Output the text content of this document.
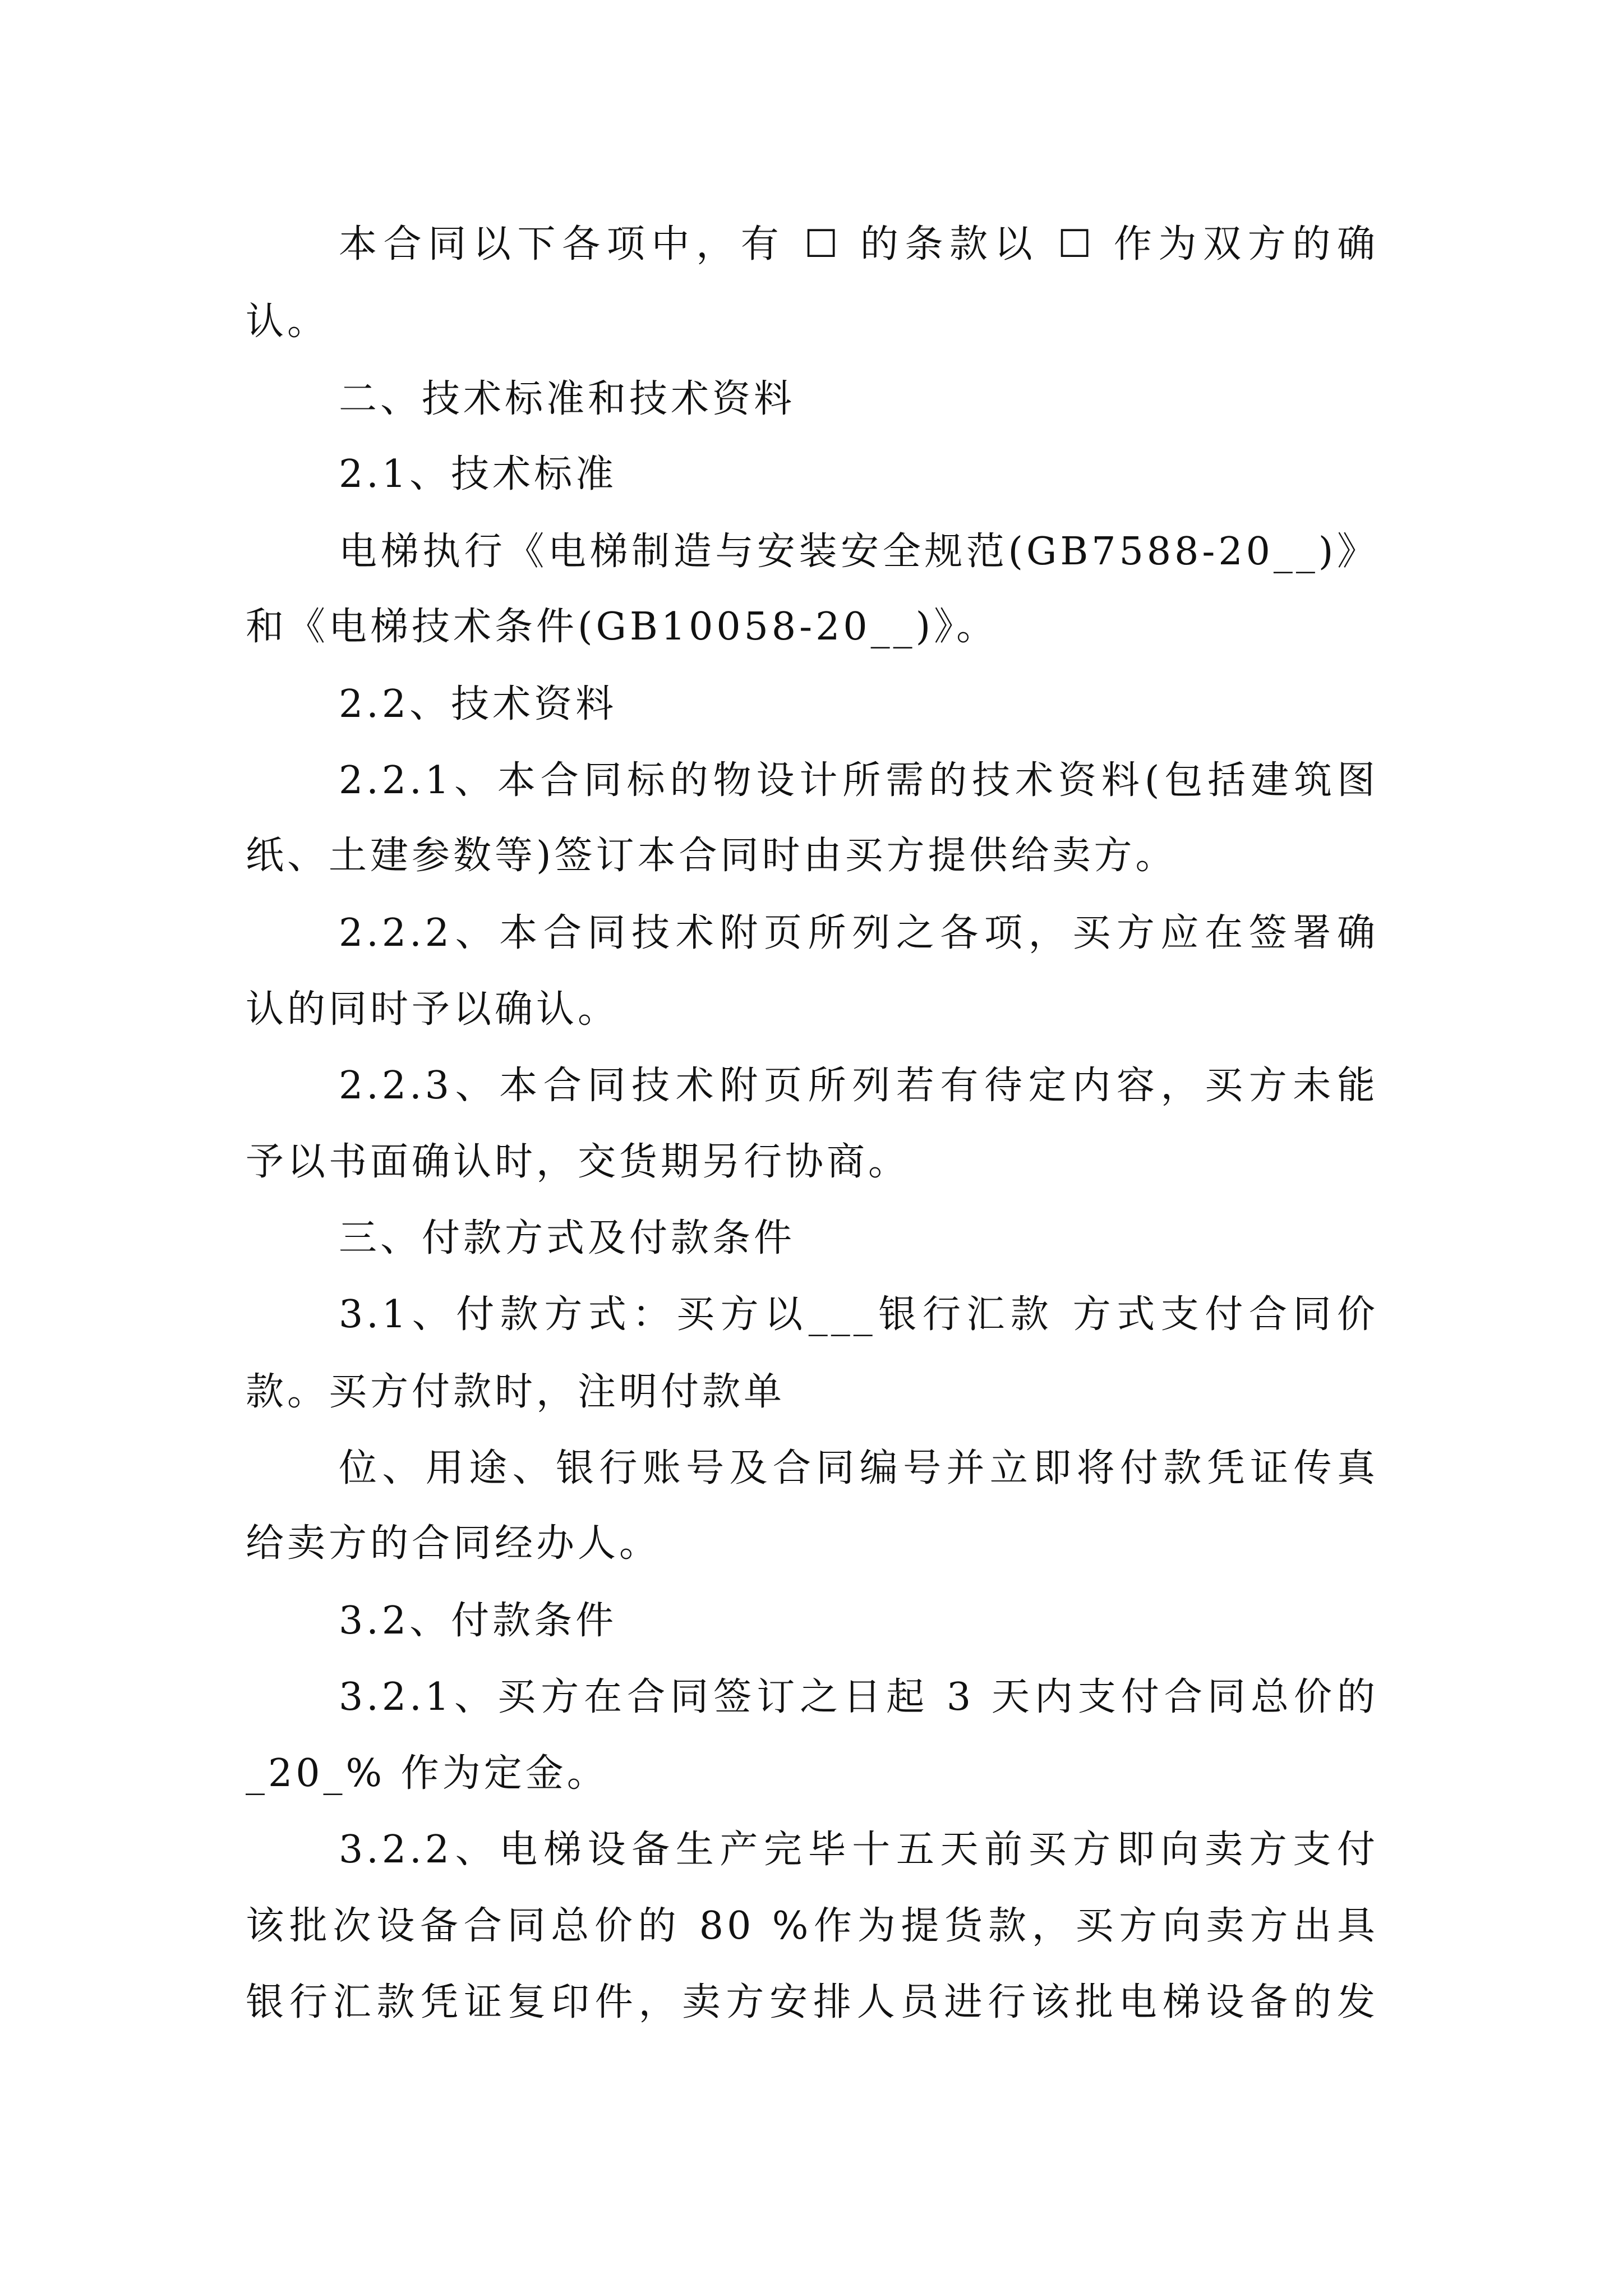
本合同以下各项中，有 ☐ 的条款以 ☐ 作为双方的确
认。
二、技术标准和技术资料
2.1、技术标准
电梯执行《电梯制造与安装安全规范(GB7588-20__)》
和《电梯技术条件(GB10058-20__)》。
2.2、技术资料
2.2.1、本合同标的物设计所需的技术资料(包括建筑图
纸、土建参数等)签订本合同时由买方提供给卖方。
2.2.2、本合同技术附页所列之各项，买方应在签署确
认的同时予以确认。
2.2.3、本合同技术附页所列若有待定内容，买方未能
予以书面确认时，交货期另行协商。
三、付款方式及付款条件
3.1、付款方式：买方以___银行汇款 方式支付合同价
款。买方付款时，注明付款单
位、用途、银行账号及合同编号并立即将付款凭证传真
给卖方的合同经办人。
3.2、付款条件
3.2.1、买方在合同签订之日起 3 天内支付合同总价的
_20_% 作为定金。
3.2.2、电梯设备生产完毕十五天前买方即向卖方支付
该批次设备合同总价的 80 %作为提货款，买方向卖方出具
银行汇款凭证复印件，卖方安排人员进行该批电梯设备的发
